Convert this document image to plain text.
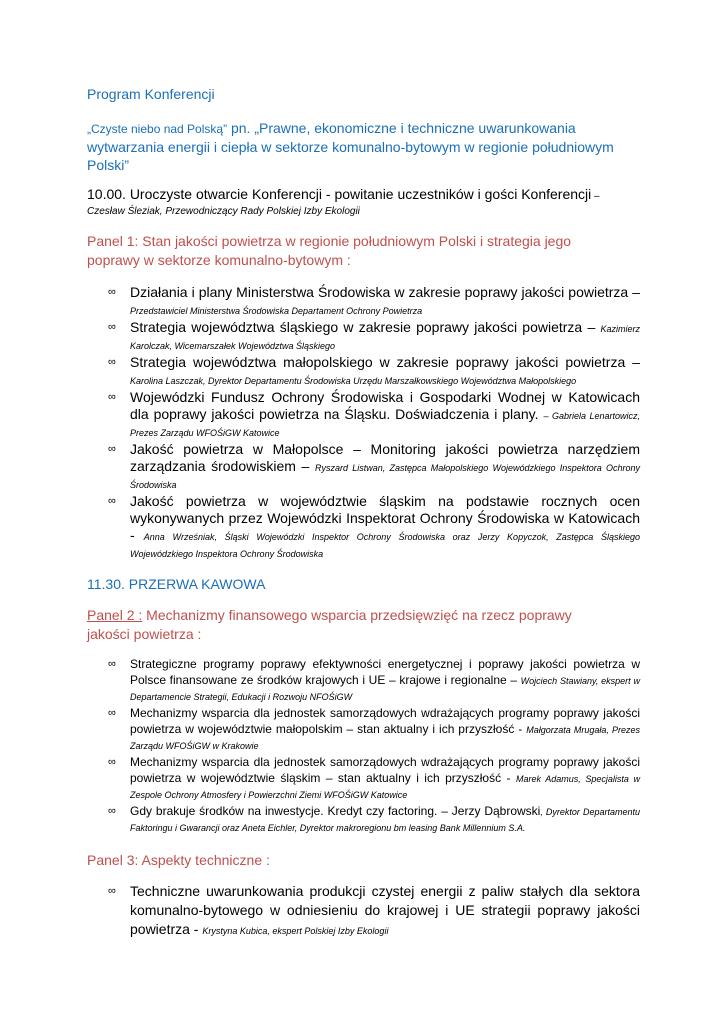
Program Konferencji
„Czyste niebo nad Polską” pn. „Prawne, ekonomiczne i techniczne uwarunkowania wytwarzania energii i ciepła w sektorze komunalno-bytowym w regionie południowym Polski”
10.00. Uroczyste otwarcie Konferencji - powitanie uczestników i gości Konferencji –
Czesław Śleziak, Przewodniczący Rady Polskiej Izby Ekologii
Panel 1: Stan jakości powietrza w regionie południowym Polski i strategia jego poprawy w sektorze komunalno-bytowym :
∞ Działania i plany Ministerstwa Środowiska w zakresie poprawy jakości powietrza – Przedstawiciel Ministerstwa Środowiska Departament Ochrony Powietrza
∞ Strategia województwa śląskiego w zakresie poprawy jakości powietrza – Kazimierz Karolczak, Wicemarszałek Województwa Śląskiego
∞ Strategia województwa małopolskiego w zakresie poprawy jakości powietrza – Karolina Laszczak, Dyrektor Departamentu Środowiska Urzędu Marszałkowskiego Województwa Małopolskiego
∞ Wojewódzki Fundusz Ochrony Środowiska i Gospodarki Wodnej w Katowicach dla poprawy jakości powietrza na Śląsku. Doświadczenia i plany. – Gabriela Lenartowicz, Prezes Zarządu WFOŚiGW Katowice
∞ Jakość powietrza w Małopolsce – Monitoring jakości powietrza narzędziem zarządzania środowiskiem – Ryszard Listwan, Zastępca Małopolskiego Wojewódzkiego Inspektora Ochrony Środowiska
∞ Jakość powietrza w województwie śląskim na podstawie rocznych ocen wykonywanych przez Wojewódzki Inspektorat Ochrony Środowiska w Katowicach - Anna Wrześniak, Śląski Wojewódzki Inspektor Ochrony Środowiska oraz Jerzy Kopyczok, Zastępca Śląskiego Wojewódzkiego Inspektora Ochrony Środowiska
11.30. PRZERWA KAWOWA
Panel 2 : Mechanizmy finansowego wsparcia przedsięwzięć na rzecz poprawy jakości powietrza :
∞ Strategiczne programy poprawy efektywności energetycznej i poprawy jakości powietrza w Polsce finansowane ze środków krajowych i UE – krajowe i regionalne – Wojciech Stawiany, ekspert w Departamencie Strategii, Edukacji i Rozwoju NFOŚiGW
∞ Mechanizmy wsparcia dla jednostek samorządowych wdrażających programy poprawy jakości powietrza w województwie małopolskim – stan aktualny i ich przyszłość - Małgorzata Mrugała, Prezes Zarządu WFOŚiGW w Krakowie
∞ Mechanizmy wsparcia dla jednostek samorządowych wdrażających programy poprawy jakości powietrza w województwie śląskim – stan aktualny i ich przyszłość - Marek Adamus, Specjalista w Zespole Ochrony Atmosfery i Powierzchni Ziemi WFOŚiGW Katowice
∞ Gdy brakuje środków na inwestycje. Kredyt czy factoring. – Jerzy Dąbrowski, Dyrektor Departamentu Faktoringu i Gwarancji oraz Aneta Eichler, Dyrektor makroregionu bm leasing Bank Millennium S.A.
Panel 3: Aspekty techniczne :
∞ Techniczne uwarunkowania produkcji czystej energii z paliw stałych dla sektora komunalno-bytowego w odniesieniu do krajowej i UE strategii poprawy jakości powietrza - Krystyna Kubica, ekspert Polskiej Izby Ekologii
